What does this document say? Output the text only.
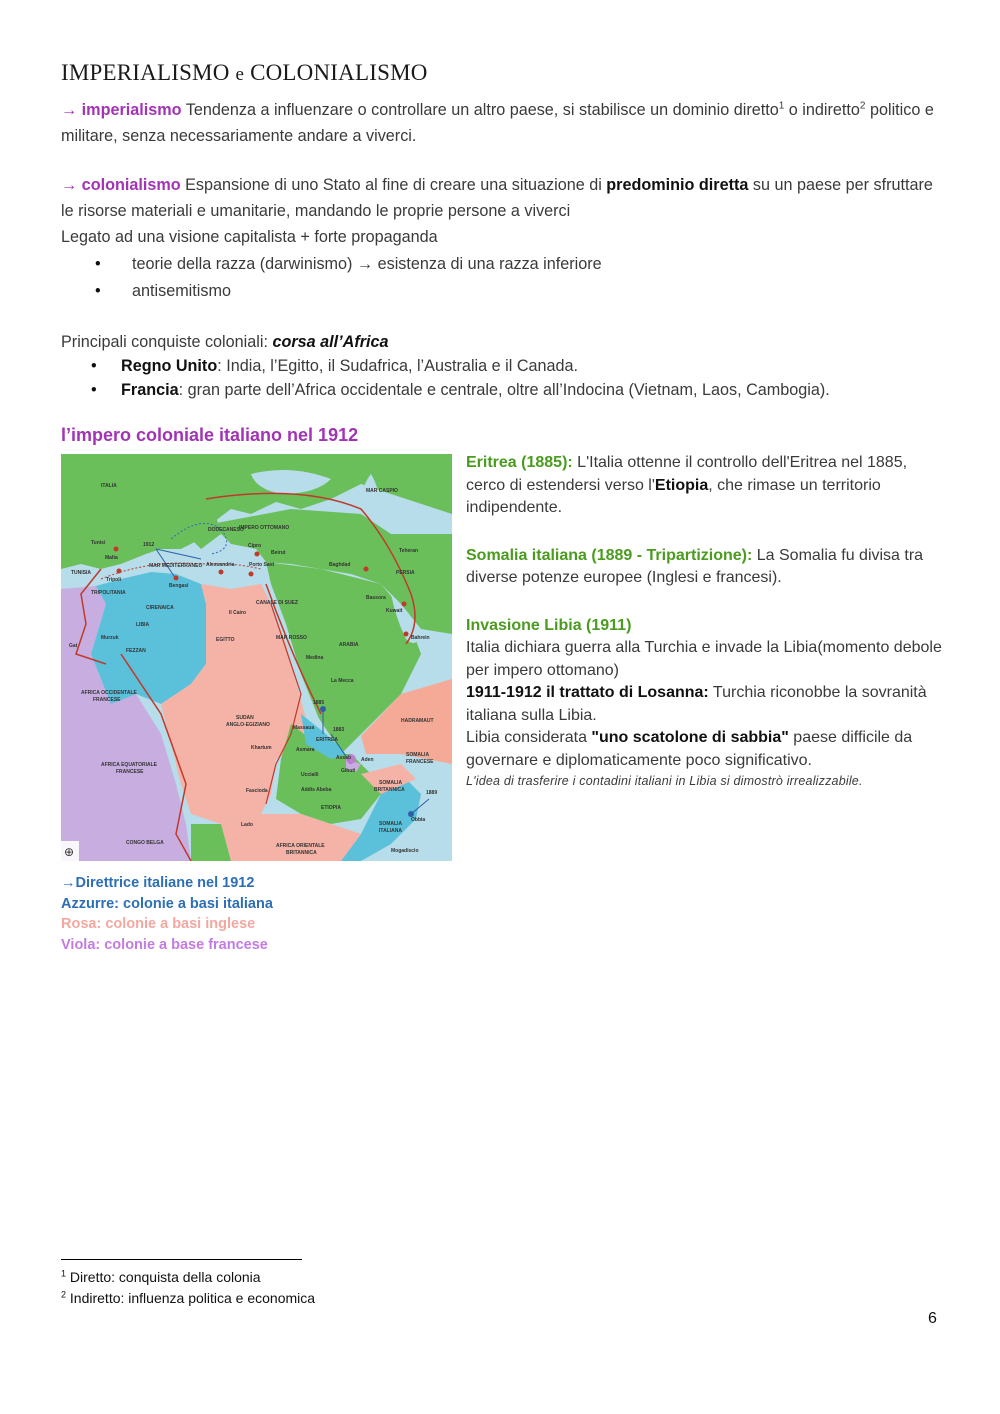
IMPERIALISMO e COLONIALISMO
→ imperialismo Tendenza a influenzare o controllare un altro paese, si stabilisce un dominio diretto$^1$ o indiretto$^2$ politico e militare, senza necessariamente andare a viverci.
→ colonialismo Espansione di uno Stato al fine di creare una situazione di predominio diretta su un paese per sfruttare le risorse materiali e umanitarie, mandando le proprie persone a viverci
Legato ad una visione capitalista + forte propaganda
• teorie della razza (darwinismo) → esistenza di una razza inferiore
• antisemitismo
Principali conquiste coloniali: corsa all’Africa
• Regno Unito: India, l’Egitto, il Sudafrica, l’Australia e il Canada.
• Francia: gran parte dell’Africa occidentale e centrale, oltre all’Indocina (Vietnam, Laos, Cambogia).
l’impero coloniale italiano nel 1912
ITALIA
Tunisi
Malta
TUNISIA
Tripoli
Bengasi
TRIPOLITANIA
CIRENAICA
LIBIA
FEZZAN
Murzuk
Gat
AFRICA OCCIDENTALE
FRANCESE
EGITTO
SUDAN
ANGLO-EGIZIANO
Khartum
AFRICA EQUATORIALE
FRANCESE
CONGO BELGA
DODECANESO
IMPERO OTTOMANO
PERSIA
ARABIA
ERITREA
ETIOPIA
SOMALIA
ITALIANA
SOMALIA
BRITANNICA
SOMALIA
FRANCESE
HADRAMAUT
AFRICA ORIENTALE
BRITANNICA
1912
1885
1883
1889
MAR MEDITERRANEO
MAR CASPIO
MAR ROSSO
Il Cairo
Alessandria	Porto Said
CANALE DI SUEZ
Cipro
Beirut
Baghdad
Teheran
Bassora
Kuwait
Bahrein
Medina
La Mecca
Massaua
Asmara
Assab Aden
Gibuti
Addis Abeba
Lado
Fascioda
Obbia
Mogadiscio
Uccialli
⊕

Eritrea (1885): L'Italia ottenne il controllo dell'Eritrea nel 1885, cerco di estendersi verso l'Etiopia, che rimase un territorio indipendente.

Somalia italiana (1889 - Tripartizione): La Somalia fu divisa tra diverse potenze europee (Inglesi e francesi).

Invasione Libia (1911)

Italia dichiara guerra alla Turchia e invade la Libia(momento debole per impero ottomano)

1911-1912 il trattato di Losanna: Turchia riconobbe la sovranità italiana sulla Libia.

Libia considerata "uno scatolone di sabbia" paese difficile da governare e diplomaticamente poco significativo.

L'idea di trasferire i contadini italiani in Libia si dimostrò irrealizzabile.

→Direttrice italiane nel 1912
Azzurre: colonie a basi italiana
Rosa: colonie a basi inglese
Viola: colonie a base francese
$^1$ Diretto: conquista della colonia
$^2$ Indiretto: influenza politica e economica
6
